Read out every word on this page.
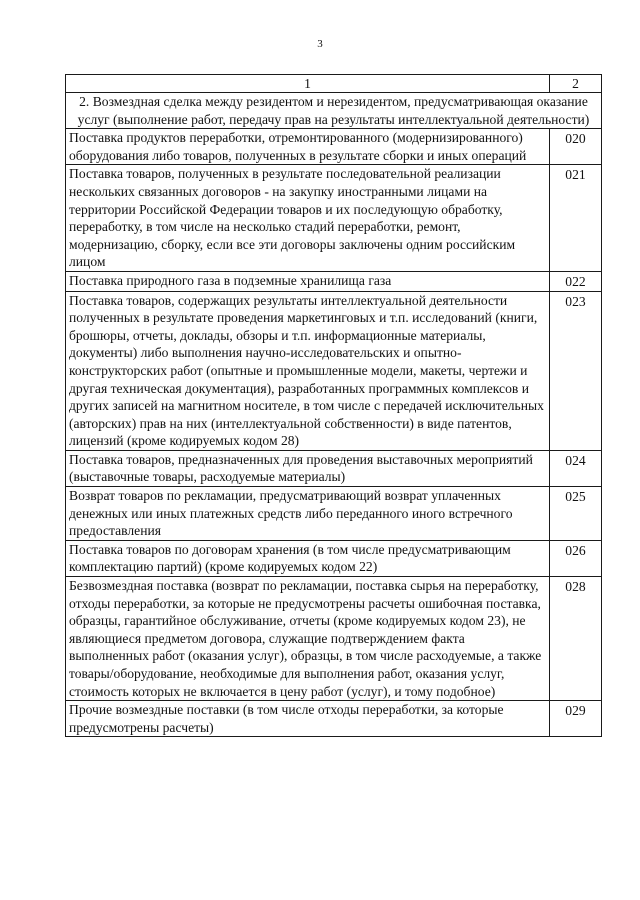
3
1	2
2. Возмездная сделка между резидентом и нерезидентом, предусматривающая оказание услуг (выполнение работ, передачу прав на результаты интеллектуальной деятельности)	
Поставка продуктов переработки, отремонтированного (модернизированного) оборудования либо товаров, полученных в результате сборки и иных операций	020
Поставка товаров, полученных в результате последовательной реализации нескольких связанных договоров - на закупку иностранными лицами на территории Российской Федерации товаров и их последующую обработку, переработку, в том числе на несколько стадий переработки, ремонт, модернизацию, сборку, если все эти договоры заключены одним российским лицом	021
Поставка природного газа в подземные хранилища газа	022
Поставка товаров, содержащих результаты интеллектуальной деятельности полученных в результате проведения маркетинговых и т.п. исследований (книги, брошюры, отчеты, доклады, обзоры и т.п. информационные материалы, документы) либо выполнения научно-исследовательских и опытно-конструкторских работ (опытные и промышленные модели, макеты, чертежи и другая техническая документация), разработанных программных комплексов и других записей на магнитном носителе, в том числе с передачей исключительных (авторских) прав на них (интеллектуальной собственности) в виде патентов, лицензий (кроме кодируемых кодом 28)	023
Поставка товаров, предназначенных для проведения выставочных мероприятий (выставочные товары, расходуемые материалы)	024
Возврат товаров по рекламации, предусматривающий возврат уплаченных денежных или иных платежных средств либо переданного иного встречного предоставления	025
Поставка товаров по договорам хранения (в том числе предусматривающим комплектацию партий) (кроме кодируемых кодом 22)	026
Безвозмездная поставка (возврат по рекламации, поставка сырья на переработку, отходы переработки, за которые не предусмотрены расчеты ошибочная поставка, образцы, гарантийное обслуживание, отчеты (кроме кодируемых кодом 23), не являющиеся предметом договора, служащие подтверждением факта выполненных работ (оказания услуг), образцы, в том числе расходуемые, а также товары/оборудование, необходимые для выполнения работ, оказания услуг, стоимость которых не включается в цену работ (услуг), и тому подобное)	028
Прочие возмездные поставки (в том числе отходы переработки, за которые предусмотрены расчеты)	029
